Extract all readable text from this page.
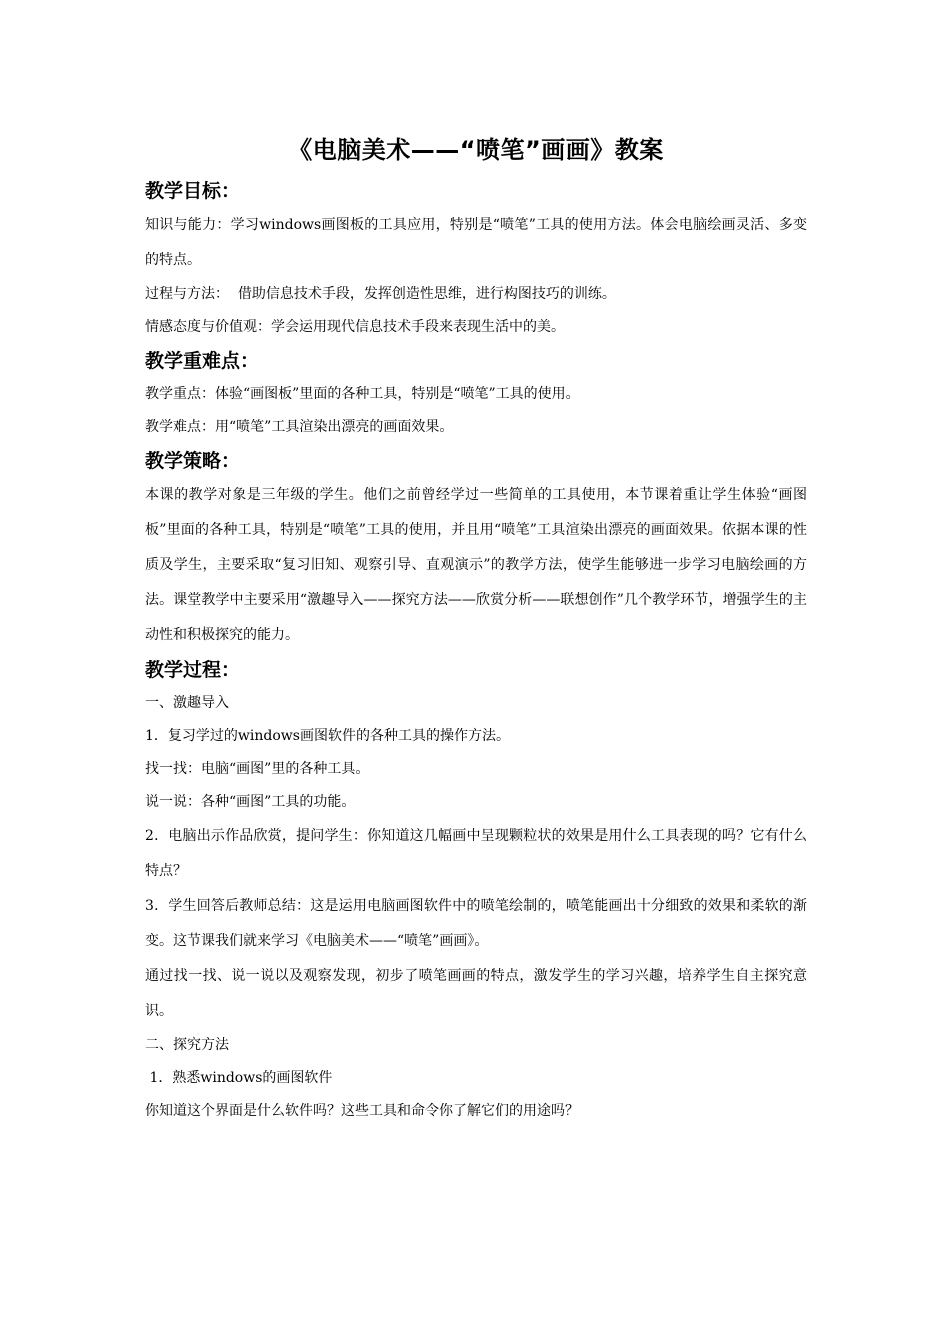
《电脑美术——“喷笔”画画》教案
教学目标：

知识与能力：学习windows画图板的工具应用，特别是“喷笔”工具的使用方法。体会电脑绘画灵活、多变的特点。

过程与方法：  借助信息技术手段，发挥创造性思维，进行构图技巧的训练。

情感态度与价值观：学会运用现代信息技术手段来表现生活中的美。

教学重难点：

教学重点：体验“画图板”里面的各种工具，特别是“喷笔”工具的使用。

教学难点：用“喷笔”工具渲染出漂亮的画面效果。

教学策略：

本课的教学对象是三年级的学生。他们之前曾经学过一些简单的工具使用，本节课着重让学生体验“画图板”里面的各种工具，特别是“喷笔”工具的使用，并且用“喷笔”工具渲染出漂亮的画面效果。依据本课的性质及学生，主要采取“复习旧知、观察引导、直观演示”的教学方法，使学生能够进一步学习电脑绘画的方法。课堂教学中主要采用“激趣导入——探究方法——欣赏分析——联想创作”几个教学环节，增强学生的主动性和积极探究的能力。

教学过程：

一、激趣导入

1．复习学过的windows画图软件的各种工具的操作方法。

找一找：电脑“画图”里的各种工具。

说一说：各种“画图”工具的功能。

2．电脑出示作品欣赏，提问学生：你知道这几幅画中呈现颗粒状的效果是用什么工具表现的吗？它有什么特点？

3．学生回答后教师总结：这是运用电脑画图软件中的喷笔绘制的，喷笔能画出十分细致的效果和柔软的渐变。这节课我们就来学习《电脑美术——“喷笔”画画》。

通过找一找、说一说以及观察发现，初步了喷笔画画的特点，激发学生的学习兴趣，培养学生自主探究意识。

二、探究方法

1．熟悉windows的画图软件

你知道这个界面是什么软件吗？这些工具和命令你了解它们的用途吗？
